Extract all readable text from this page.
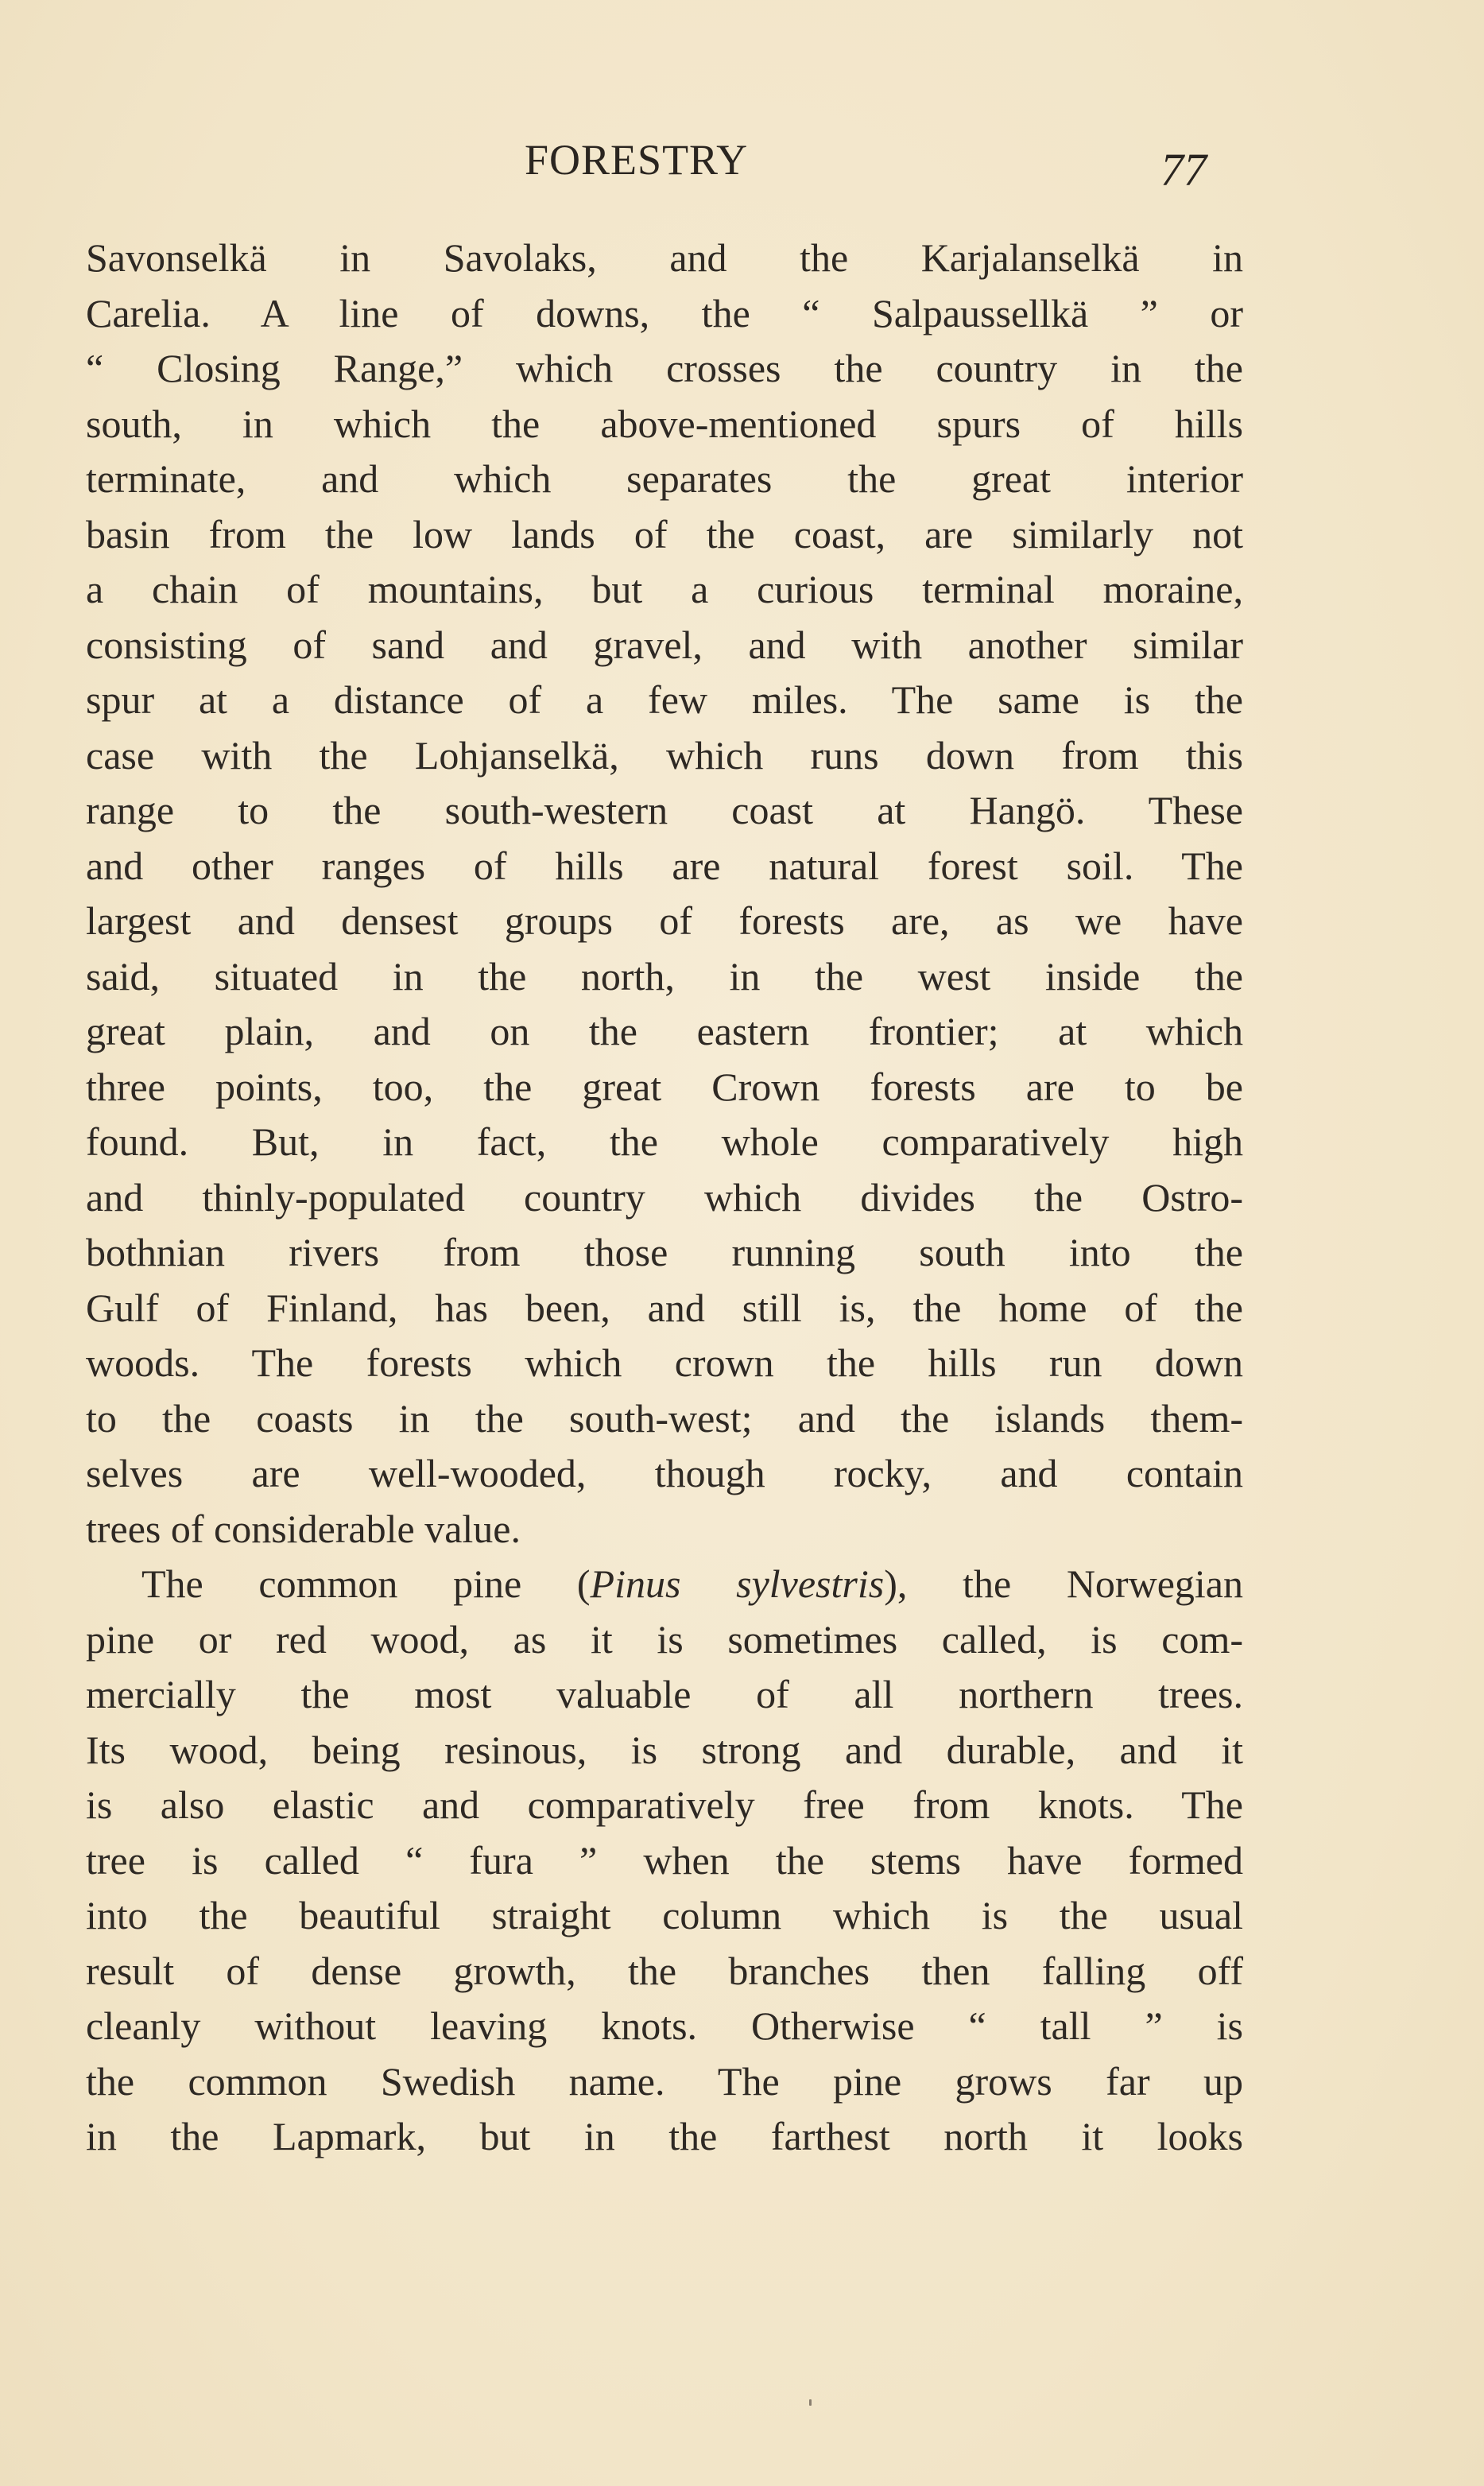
FORESTRY	77
Savonselkä in Savolaks, and the Karjalanselkä in
Carelia. A line of downs, the “ Salpaussellkä ” or
“ Closing Range,” which crosses the country in the
south, in which the above-mentioned spurs of hills
terminate, and which separates the great interior
basin from the low lands of the coast, are similarly not
a chain of mountains, but a curious terminal moraine,
consisting of sand and gravel, and with another similar
spur at a distance of a few miles. The same is the
case with the Lohjanselkä, which runs down from this
range to the south-western coast at Hangö. These
and other ranges of hills are natural forest soil. The
largest and densest groups of forests are, as we have
said, situated in the north, in the west inside the
great plain, and on the eastern frontier; at which
three points, too, the great Crown forests are to be
found. But, in fact, the whole comparatively high
and thinly-populated country which divides the Ostro-
bothnian rivers from those running south into the
Gulf of Finland, has been, and still is, the home of the
woods. The forests which crown the hills run down
to the coasts in the south-west; and the islands them-
selves are well-wooded, though rocky, and contain
trees of considerable value.
The common pine (Pinus sylvestris), the Norwegian
pine or red wood, as it is sometimes called, is com-
mercially the most valuable of all northern trees.
Its wood, being resinous, is strong and durable, and it
is also elastic and comparatively free from knots. The
tree is called “ fura ” when the stems have formed
into the beautiful straight column which is the usual
result of dense growth, the branches then falling off
cleanly without leaving knots. Otherwise “ tall ” is
the common Swedish name. The pine grows far up
in the Lapmark, but in the farthest north it looks
